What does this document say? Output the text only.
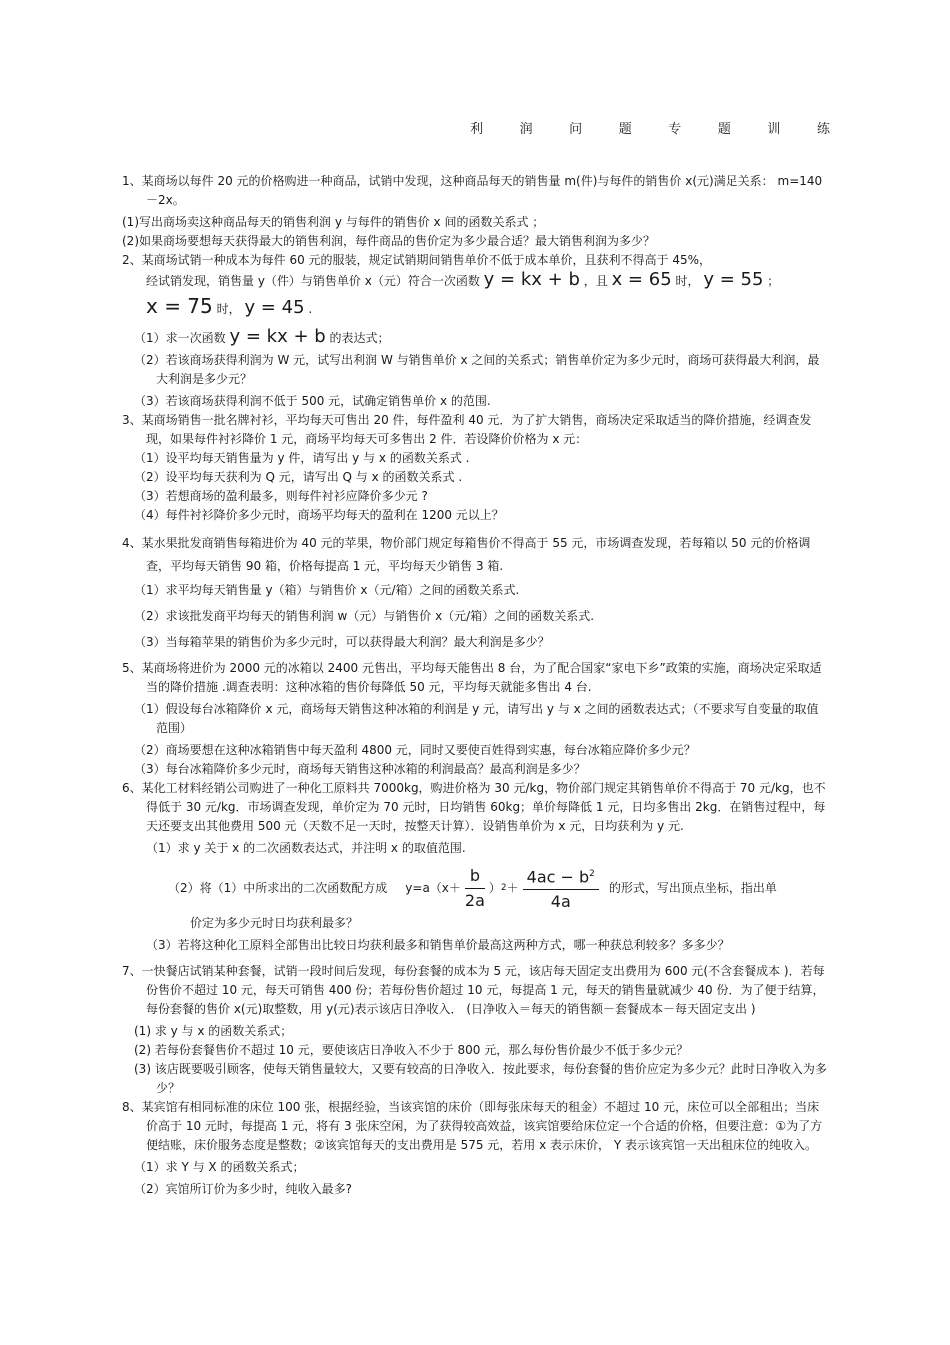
利	润	问	题	专	题	训	练

1、某商场以每件 20 元的价格购进一种商品，试销中发现，这种商品每天的销售量 m(件)与每件的销售价 x(元)满足关系： m=140－2x。

(1)写出商场卖这种商品每天的销售利润 y 与每件的销售价 x 间的函数关系式 ；

(2)如果商场要想每天获得最大的销售利润，每件商品的售价定为多少最合适？最大销售利润为多少？

2、某商场试销一种成本为每件 60 元的服装，规定试销期间销售单价不低于成本单价，且获利不得高于 45%，

经试销发现，销售量 y（件）与销售单价 x（元）符合一次函数 y = kx + b ，且 x = 65 时， y = 55 ；

x = 75 时， y = 45 .

（1）求一次函数 y = kx + b 的表达式；

（2）若该商场获得利润为 W 元，试写出利润 W 与销售单价 x 之间的关系式；销售单价定为多少元时，商场可获得最大利润，最大利润是多少元？

（3）若该商场获得利润不低于 500 元，试确定销售单价 x 的范围.

3、某商场销售一批名牌衬衫，平均每天可售出 20 件，每件盈利 40 元．为了扩大销售，商场决定采取适当的降价措施，经调查发现，如果每件衬衫降价 1 元，商场平均每天可多售出 2 件．若设降价价格为 x 元：

（1）设平均每天销售量为 y 件，请写出 y 与 x 的函数关系式 .

（2）设平均每天获利为 Q 元，请写出 Q 与 x 的函数关系式 .

（3）若想商场的盈利最多，则每件衬衫应降价多少元 ?

（4）每件衬衫降价多少元时，商场平均每天的盈利在 1200 元以上？

4、某水果批发商销售每箱进价为 40 元的苹果，物价部门规定每箱售价不得高于 55 元，市场调查发现，若每箱以 50 元的价格调查，平均每天销售 90 箱，价格每提高 1 元，平均每天少销售 3 箱.

（1）求平均每天销售量 y（箱）与销售价 x（元/箱）之间的函数关系式.

（2）求该批发商平均每天的销售利润 w（元）与销售价 x（元/箱）之间的函数关系式.

（3）当每箱苹果的销售价为多少元时，可以获得最大利润？最大利润是多少？

5、某商场将进价为 2000 元的冰箱以 2400 元售出，平均每天能售出 8 台，为了配合国家“家电下乡”政策的实施，商场决定采取适当的降价措施 .调查表明：这种冰箱的售价每降低 50 元，平均每天就能多售出 4 台.

（1）假设每台冰箱降价 x 元，商场每天销售这种冰箱的利润是 y 元，请写出 y 与 x 之间的函数表达式；（不要求写自变量的取值范围）

（2）商场要想在这种冰箱销售中每天盈利 4800 元，同时又要使百姓得到实惠，每台冰箱应降价多少元？

（3）每台冰箱降价多少元时，商场每天销售这种冰箱的利润最高？最高利润是多少？

6、某化工材料经销公司购进了一种化工原料共 7000kg，购进价格为 30 元/kg，物价部门规定其销售单价不得高于 70 元/kg，也不得低于 30 元/kg．市场调查发现，单价定为 70 元时，日均销售 60kg；单价每降低 1 元，日均多售出 2kg．在销售过程中，每天还要支出其他费用 500 元（天数不足一天时，按整天计算）．设销售单价为 x 元，日均获利为 y 元.

（1）求 y 关于 x 的二次函数表达式，并注明 x 的取值范围.

（2）将（1）中所求出的二次函数配方成 $y=a(x+ \frac{b}{2a}$ ） $2 + \frac{4ac - b^2}{4a}$ 的形式，写出顶点坐标，指出单

价定为多少元时日均获利最多？

（3）若将这种化工原料全部售出比较日均获利最多和销售单价最高这两种方式，哪一种获总利较多？多多少？

7、一快餐店试销某种套餐，试销一段时间后发现，每份套餐的成本为 5 元，该店每天固定支出费用为 600 元(不含套餐成本 )．若每份售价不超过 10 元，每天可销售 400 份；若每份售价超过 10 元，每提高 1 元，每天的销售量就减少 40 份．为了便于结算，每份套餐的售价 x(元)取整数，用 y(元)表示该店日净收入． (日净收入＝每天的销售额－套餐成本－每天固定支出 )

(1) 求 y 与 x 的函数关系式；

(2) 若每份套餐售价不超过 10 元，要使该店日净收入不少于 800 元，那么每份售价最少不低于多少元？

(3) 该店既要吸引顾客，使每天销售量较大，又要有较高的日净收入．按此要求，每份套餐的售价应定为多少元？此时日净收入为多少？

8、某宾馆有相同标准的床位 100 张，根据经验，当该宾馆的床价（即每张床每天的租金）不超过 10 元，床位可以全部租出；当床价高于 10 元时，每提高 1 元，将有 3 张床空闲，为了获得较高效益，该宾馆要给床位定一个合适的价格，但要注意：①为了方便结账，床价服务态度是整数；②该宾馆每天的支出费用是 575 元，若用 x 表示床价， Y 表示该宾馆一天出租床位的纯收入。

（1）求 Y 与 X 的函数关系式；

（2）宾馆所订价为多少时，纯收入最多?
